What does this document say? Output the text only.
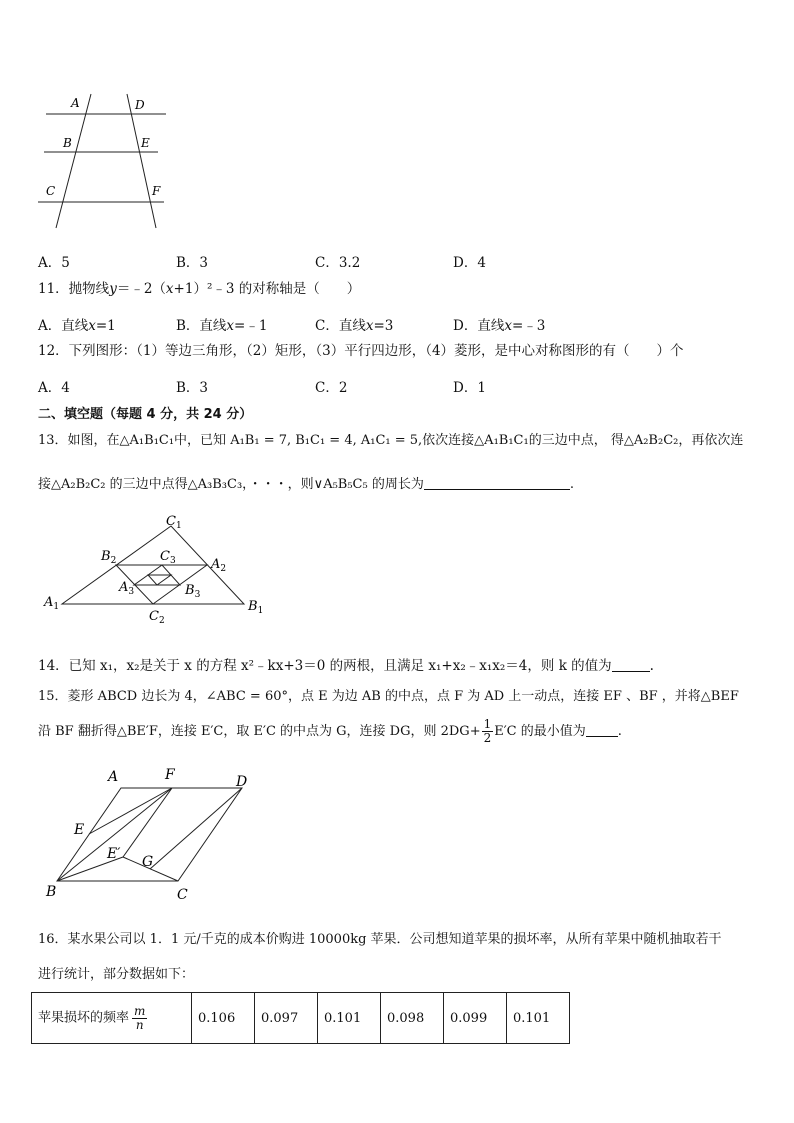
A	D
B	E
C	F
A．5	B．3	C．3.2	D．4
11．抛物线y＝﹣2（x+1）²﹣3 的对称轴是（　　）
A．直线x=1	B．直线x=﹣1	C．直线x=3	D．直线x=﹣3
12．下列图形：（1）等边三角形，（2）矩形，（3）平行四边形，（4）菱形，是中心对称图形的有（　　）个
A．4	B．3	C．2	D．1
二、填空题（每题 4 分，共 24 分）
13．如图，在△A₁B₁C₁中，已知 A₁B₁ = 7, B₁C₁ = 4, A₁C₁ = 5,依次连接△A₁B₁C₁的三边中点， 得△A₂B₂C₂，再依次连
接△A₂B₂C₂ 的三边中点得△A₃B₃C₃，・・・，则∨A₅B₅C₅ 的周长为	.
$C_1$
$B_2$	$C_3$	$A_2$
$A_3$	$B_3$
$A_1$	$B_1$
$C_2$
14．已知 x₁，x₂是关于 x 的方程 x²﹣kx+3＝0 的两根，且满足 x₁+x₂﹣x₁x₂＝4，则 k 的值为	.
15．菱形 ABCD 边长为 4，∠ABC = 60°，点 E 为边 AB 的中点，点 F 为 AD 上一动点，连接 EF 、BF ，并将△BEF
沿 BF 翻折得△BE′F，连接 E′C，取 E′C 的中点为 G，连接 DG，则 $2DG+ \frac{1}{2} E'C$ 的最小值为 .
A	F	D
E
E′ G
B	C
16．某水果公司以 1．1 元/千克的成本价购进 10000kg 苹果．公司想知道苹果的损坏率，从所有苹果中随机抽取若干
进行统计，部分数据如下：
苹果损坏的频率 $\frac{m}{n}$	0.106	0.097	0.101	0.098	0.099	0.101
